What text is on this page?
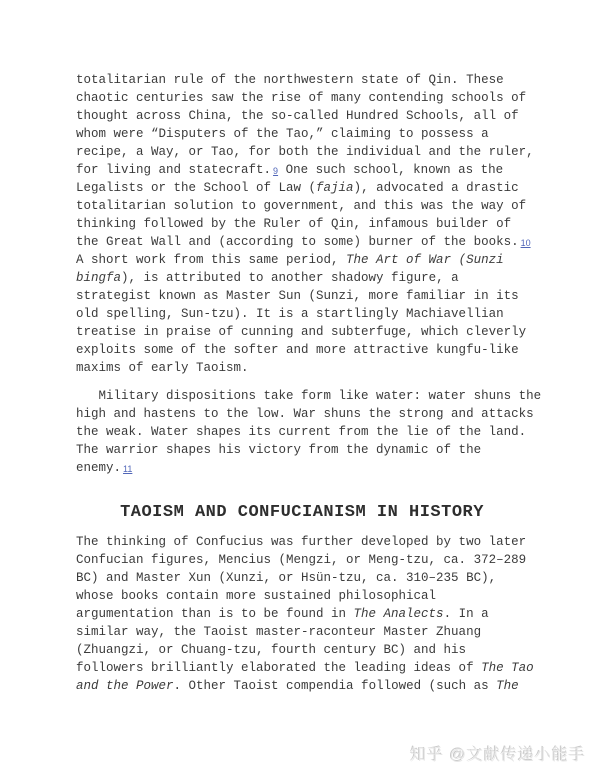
totalitarian rule of the northwestern state of Qin. These
chaotic centuries saw the rise of many contending schools of
thought across China, the so-called Hundred Schools, all of
whom were “Disputers of the Tao,” claiming to possess a
recipe, a Way, or Tao, for both the individual and the ruler,
for living and statecraft. 9 One such school, known as the
Legalists or the School of Law (fajia), advocated a drastic
totalitarian solution to government, and this was the way of
thinking followed by the Ruler of Qin, infamous builder of
the Great Wall and (according to some) burner of the books. 10
A short work from this same period, The Art of War (Sunzi
bingfa), is attributed to another shadowy figure, a
strategist known as Master Sun (Sunzi, more familiar in its
old spelling, Sun-tzu). It is a startlingly Machiavellian
treatise in praise of cunning and subterfuge, which cleverly
exploits some of the softer and more attractive kungfu-like
maxims of early Taoism.
Military dispositions take form like water: water shuns the
high and hastens to the low. War shuns the strong and attacks
the weak. Water shapes its current from the lie of the land.
The warrior shapes his victory from the dynamic of the
enemy. 11
TAOISM AND CONFUCIANISM IN HISTORY
The thinking of Confucius was further developed by two later
Confucian figures, Mencius (Mengzi, or Meng-tzu, ca. 372–289
BC) and Master Xun (Xunzi, or Hsün-tzu, ca. 310–235 BC),
whose books contain more sustained philosophical
argumentation than is to be found in The Analects. In a
similar way, the Taoist master-raconteur Master Zhuang
(Zhuangzi, or Chuang-tzu, fourth century BC) and his
followers brilliantly elaborated the leading ideas of The Tao
and the Power. Other Taoist compendia followed (such as The
知乎 @文献传递小能手
